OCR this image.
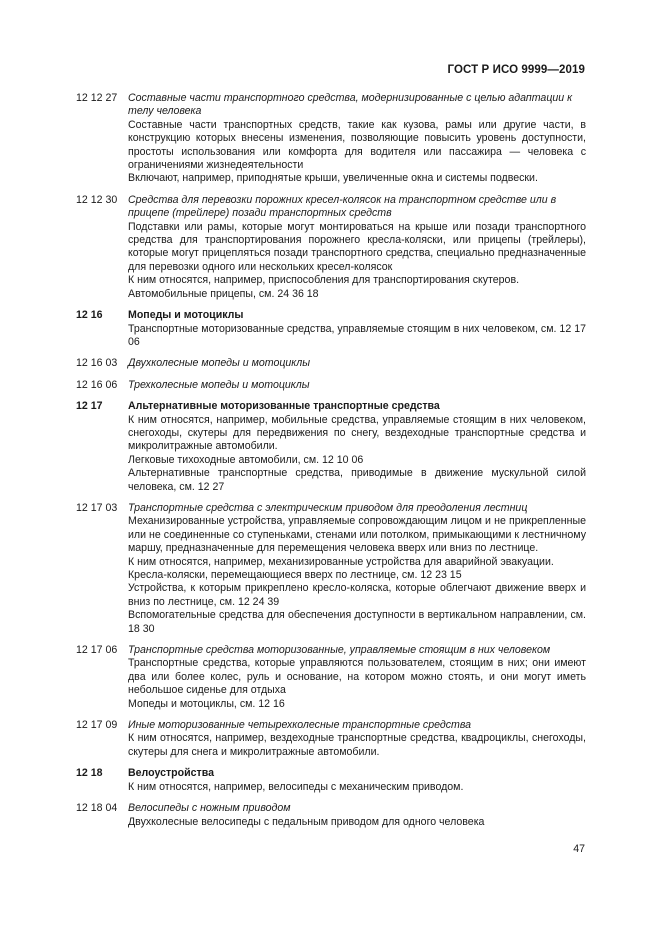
ГОСТ Р ИСО 9999—2019
12 12 27 Составные части транспортного средства, модернизированные с целью адаптации к телу человека
Составные части транспортных средств, такие как кузова, рамы или другие части, в конструкцию которых внесены изменения, позволяющие повысить уровень доступности, простоты использования или комфорта для водителя или пассажира — человека с ограничениями жизнедеятельности
Включают, например, приподнятые крыши, увеличенные окна и системы подвески.
12 12 30 Средства для перевозки порожних кресел-колясок на транспортном средстве или в прицепе (трейлере) позади транспортных средств
Подставки или рамы, которые могут монтироваться на крыше или позади транспортного средства для транспортирования порожнего кресла-коляски, или прицепы (трейлеры), которые могут прицепляться позади транспортного средства, специально предназначенные для перевозки одного или нескольких кресел-колясок
К ним относятся, например, приспособления для транспортирования скутеров.
Автомобильные прицепы, см. 24 36 18
12 16 Мопеды и мотоциклы
Транспортные моторизованные средства, управляемые стоящим в них человеком, см. 12 17 06
12 16 03 Двухколесные мопеды и мотоциклы
12 16 06 Трехколесные мопеды и мотоциклы
12 17 Альтернативные моторизованные транспортные средства
К ним относятся, например, мобильные средства, управляемые стоящим в них человеком, снегоходы, скутеры для передвижения по снегу, вездеходные транспортные средства и микролитражные автомобили.
Легковые тихоходные автомобили, см. 12 10 06
Альтернативные транспортные средства, приводимые в движение мускульной силой человека, см. 12 27
12 17 03 Транспортные средства с электрическим приводом для преодоления лестниц
Механизированные устройства, управляемые сопровождающим лицом и не прикрепленные или не соединенные со ступеньками, стенами или потолком, примыкающими к лестничному маршу, предназначенные для перемещения человека вверх или вниз по лестнице.
К ним относятся, например, механизированные устройства для аварийной эвакуации.
Кресла-коляски, перемещающиеся вверх по лестнице, см. 12 23 15
Устройства, к которым прикреплено кресло-коляска, которые облегчают движение вверх и вниз по лестнице, см. 12 24 39
Вспомогательные средства для обеспечения доступности в вертикальном направлении, см. 18 30
12 17 06 Транспортные средства моторизованные, управляемые стоящим в них человеком
Транспортные средства, которые управляются пользователем, стоящим в них; они имеют два или более колес, руль и основание, на котором можно стоять, и они могут иметь небольшое сиденье для отдыха
Мопеды и мотоциклы, см. 12 16
12 17 09 Иные моторизованные четырехколесные транспортные средства
К ним относятся, например, вездеходные транспортные средства, квадроциклы, снегоходы, скутеры для снега и микролитражные автомобили.
12 18 Велоустройства
К ним относятся, например, велосипеды с механическим приводом.
12 18 04 Велосипеды с ножным приводом
Двухколесные велосипеды с педальным приводом для одного человека
47
